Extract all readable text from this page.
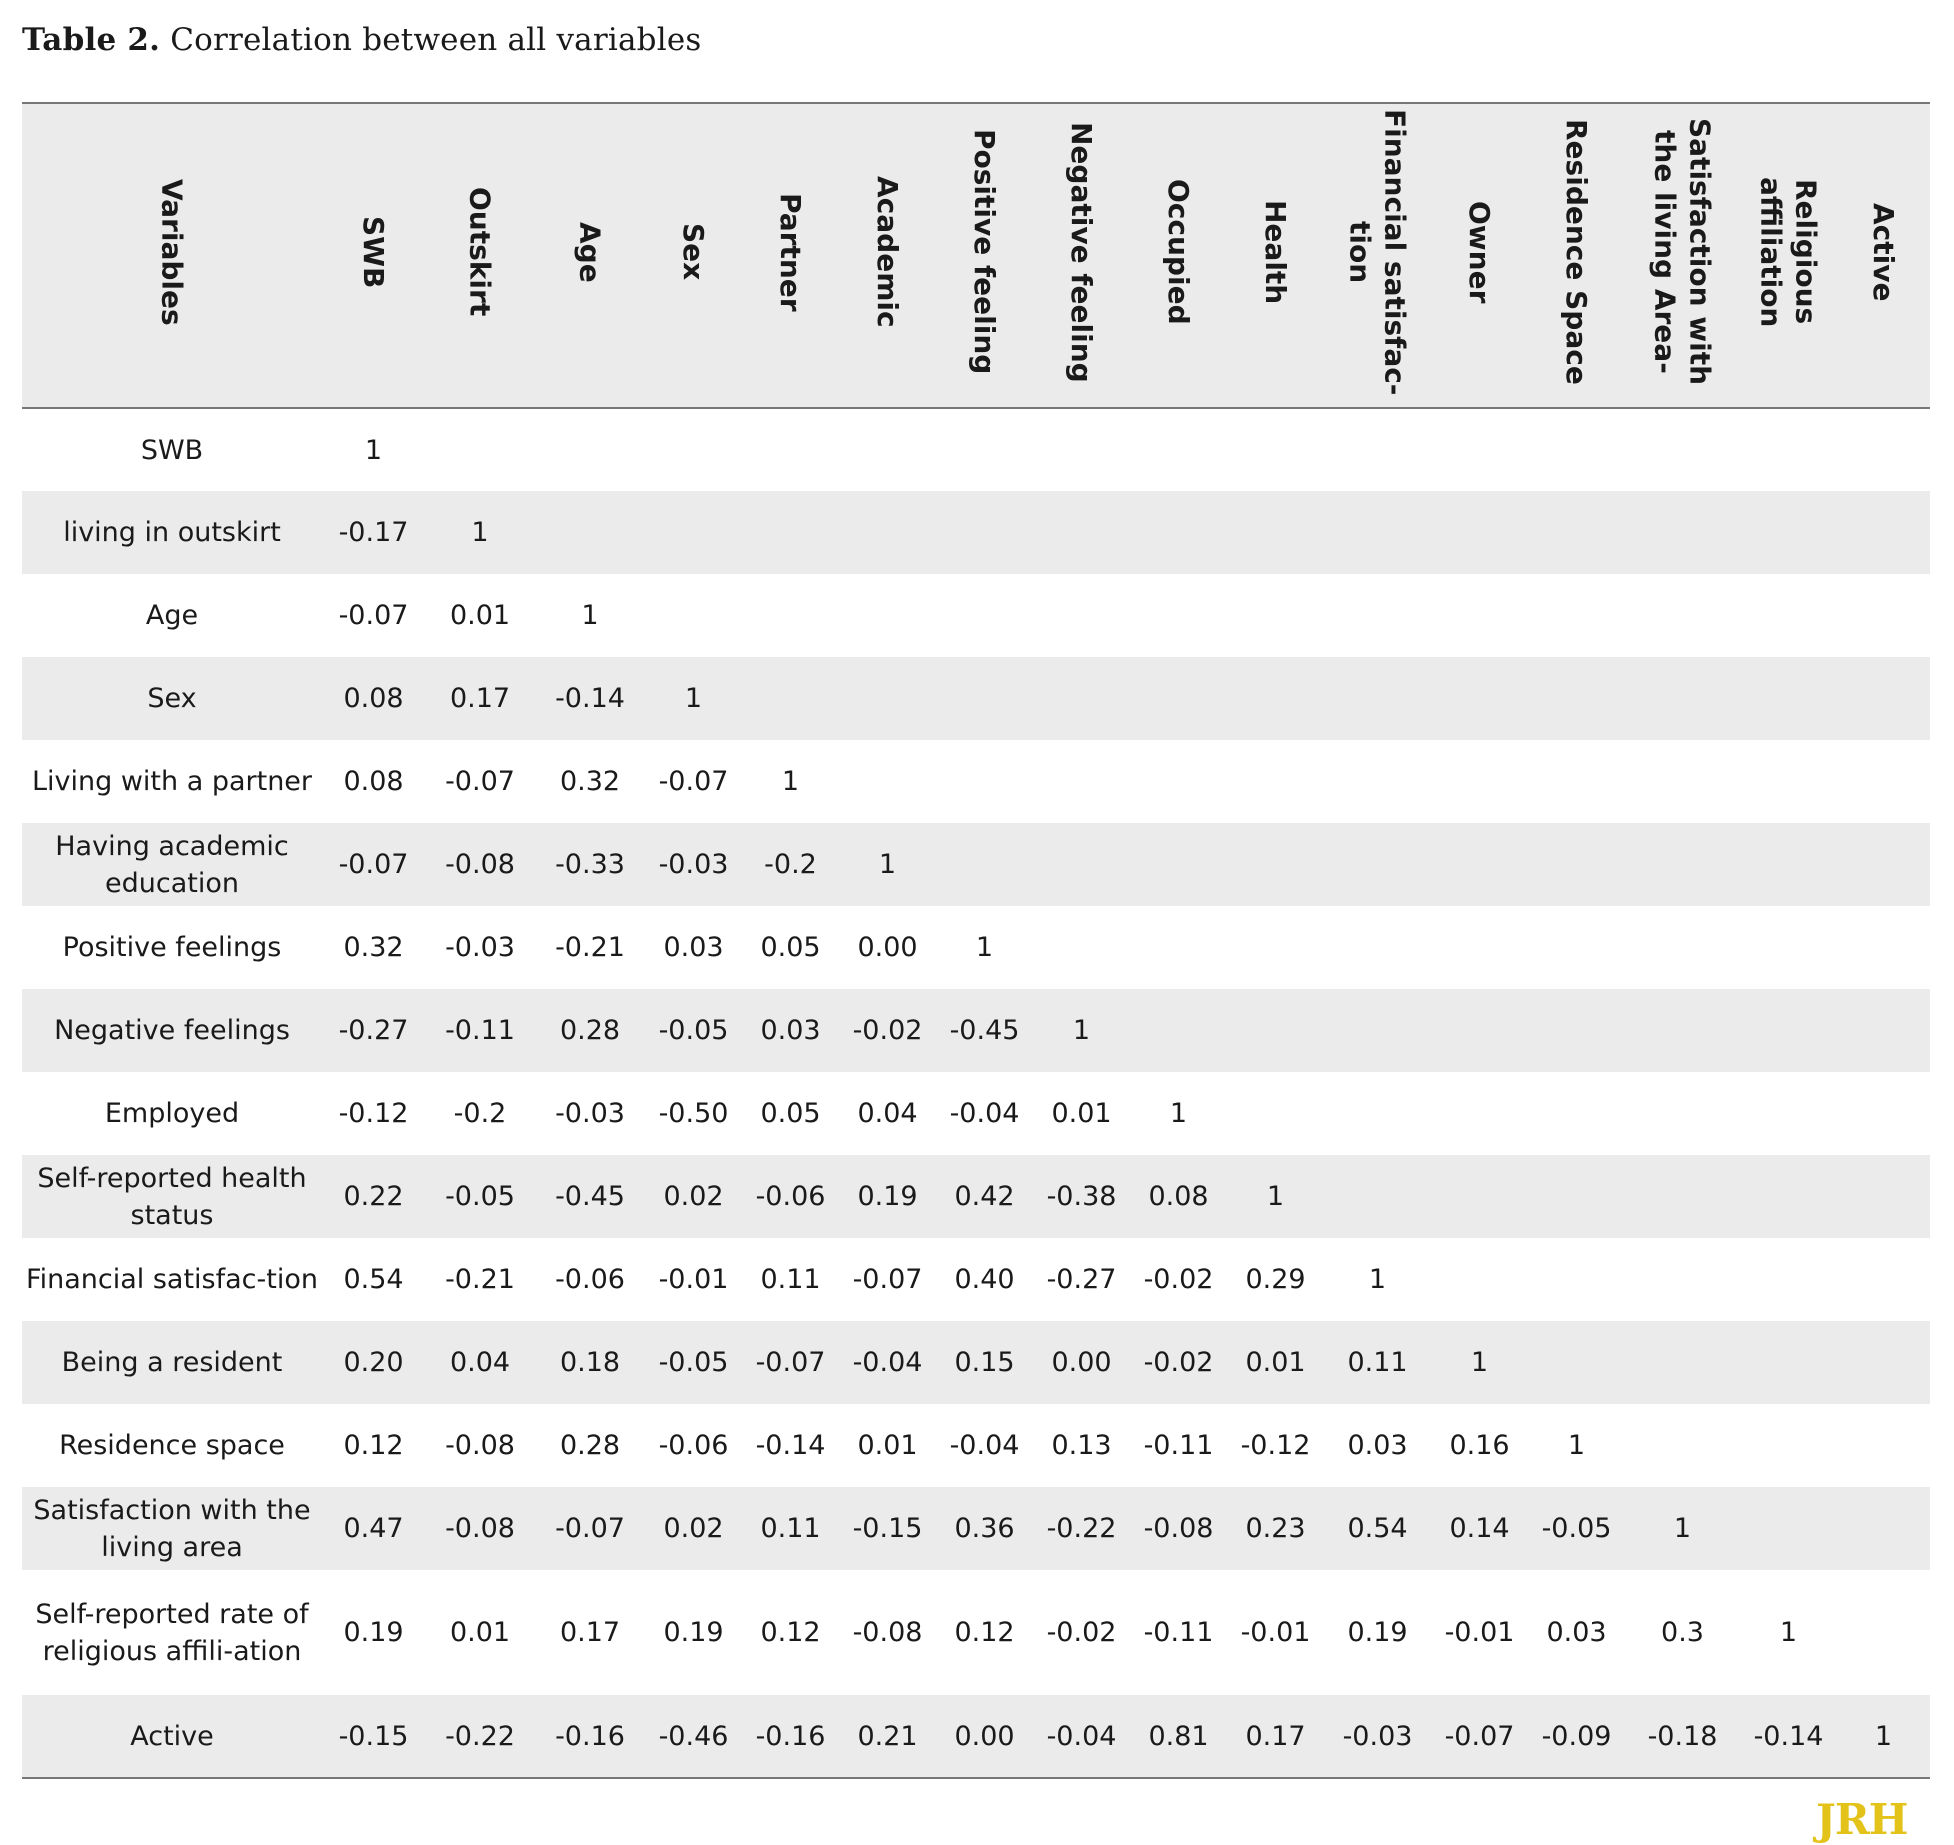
Table 2. Correlation between all variables
Variables	SWB	Outskirt	Age	Sex	Partner	Academic	Positive feeling	Negative feeling	Occupied	Health	Financial satisfac-tion	Owner	Residence Space	Satisfaction with the living Area-	Religious affiliation	Active
SWB	1															
living in outskirt	-0.17	1														
Age	-0.07	0.01	1													
Sex	0.08	0.17	-0.14	1												
Living with a partner	0.08	-0.07	0.32	-0.07	1											
Having academic education	-0.07	-0.08	-0.33	-0.03	-0.2	1										
Positive feelings	0.32	-0.03	-0.21	0.03	0.05	0.00	1									
Negative feelings	-0.27	-0.11	0.28	-0.05	0.03	-0.02	-0.45	1								
Employed	-0.12	-0.2	-0.03	-0.50	0.05	0.04	-0.04	0.01	1							
Self-reported health status	0.22	-0.05	-0.45	0.02	-0.06	0.19	0.42	-0.38	0.08	1						
Financial satisfac-tion	0.54	-0.21	-0.06	-0.01	0.11	-0.07	0.40	-0.27	-0.02	0.29	1					
Being a resident	0.20	0.04	0.18	-0.05	-0.07	-0.04	0.15	0.00	-0.02	0.01	0.11	1				
Residence space	0.12	-0.08	0.28	-0.06	-0.14	0.01	-0.04	0.13	-0.11	-0.12	0.03	0.16	1			
Satisfaction with the living area	0.47	-0.08	-0.07	0.02	0.11	-0.15	0.36	-0.22	-0.08	0.23	0.54	0.14	-0.05	1		
Self-reported rate of religious affili-ation	0.19	0.01	0.17	0.19	0.12	-0.08	0.12	-0.02	-0.11	-0.01	0.19	-0.01	0.03	0.3	1	
Active	-0.15	-0.22	-0.16	-0.46	-0.16	0.21	0.00	-0.04	0.81	0.17	-0.03	-0.07	-0.09	-0.18	-0.14	1
JRH
